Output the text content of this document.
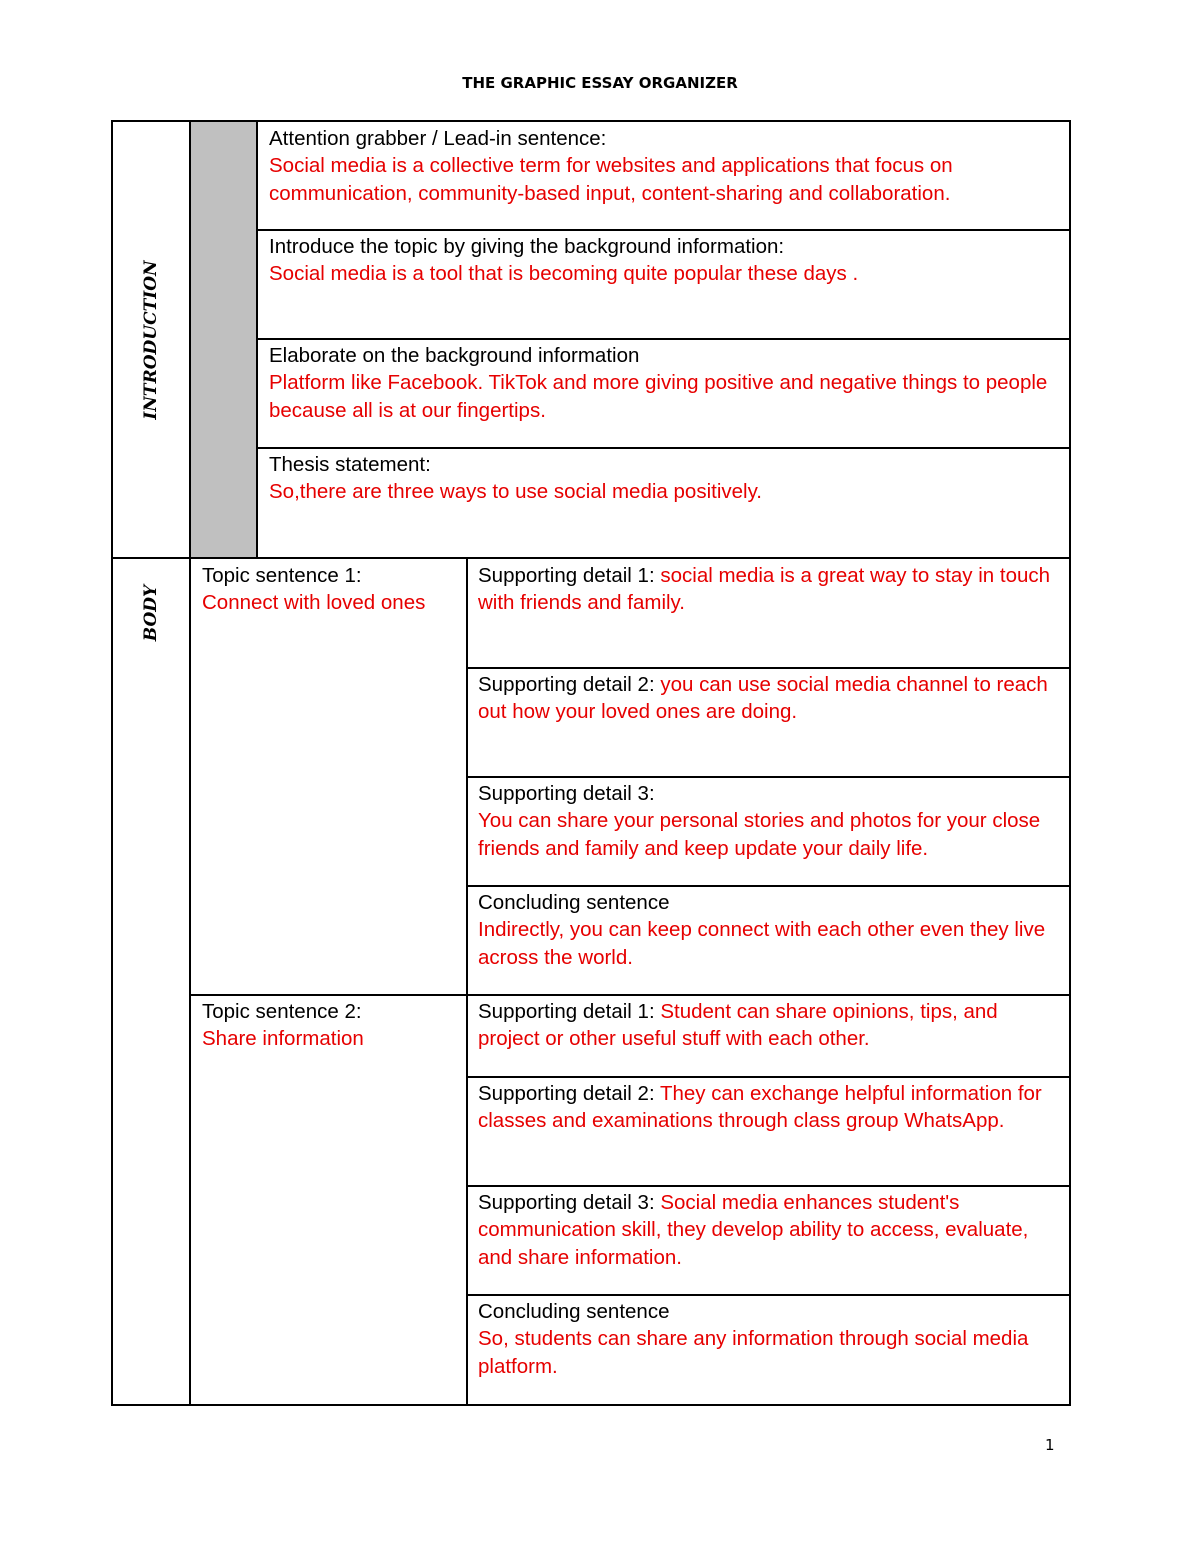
THE GRAPHIC ESSAY ORGANIZER
INTRODUCTION
Attention grabber / Lead-in sentence:
Social media is a collective term for websites and applications that focus on communication, community-based input, content-sharing and collaboration.
Introduce the topic by giving the background information:
Social media is a tool that is becoming quite popular these days .
Elaborate on the background information
Platform like Facebook. TikTok and more giving positive and negative things to people because all is at our fingertips.
Thesis statement:
So,there are three ways to use social media positively.
BODY
Topic sentence 1:
Connect with loved ones
Supporting detail 1: social media is a great way to stay in touch with friends and family.
Supporting detail 2: you can use social media channel to reach out how your loved ones are doing.
Supporting detail 3:
You can share your personal stories and photos for your close friends and family and keep update your daily life.
Concluding sentence
Indirectly, you can keep connect with each other even they live across the world.
Topic sentence 2:
Share information
Supporting detail 1: Student can share opinions, tips, and project or other useful stuff with each other.
Supporting detail 2: They can exchange helpful information for classes and examinations through class group WhatsApp.
Supporting detail 3: Social media enhances student's communication skill, they develop ability to access, evaluate, and share information.
Concluding sentence
So, students can share any information through social media platform.
1
